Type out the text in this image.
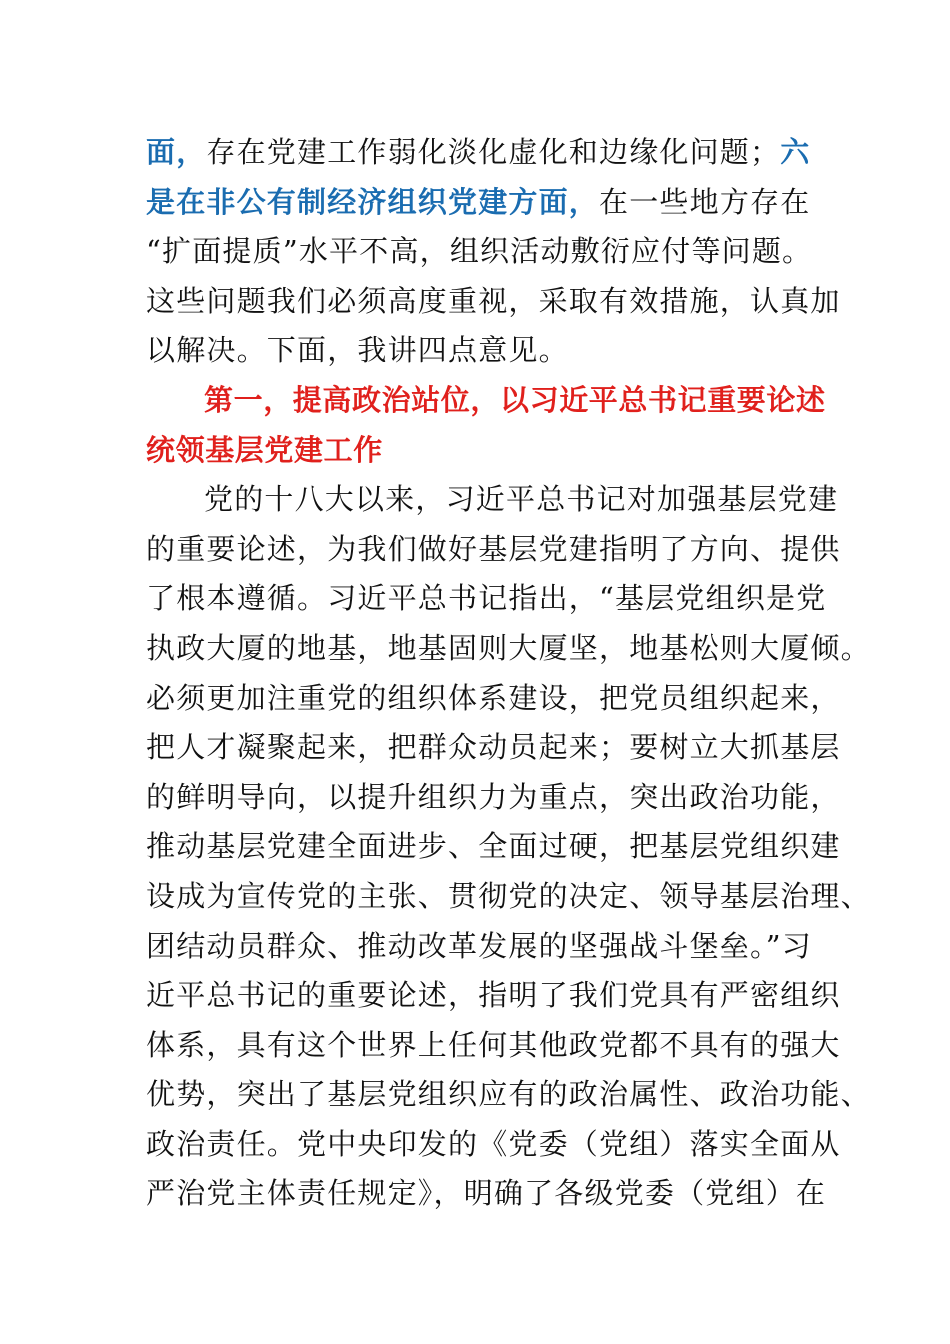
面，存在党建工作弱化淡化虚化和边缘化问题；六
是在非公有制经济组织党建方面，在一些地方存在
“扩面提质”水平不高，组织活动敷衍应付等问题。
这些问题我们必须高度重视，采取有效措施，认真加
以解决。下面，我讲四点意见。
第一，提高政治站位，以习近平总书记重要论述
统领基层党建工作
党的十八大以来，习近平总书记对加强基层党建
的重要论述，为我们做好基层党建指明了方向、提供
了根本遵循。习近平总书记指出，“基层党组织是党
执政大厦的地基，地基固则大厦坚，地基松则大厦倾。
必须更加注重党的组织体系建设，把党员组织起来，
把人才凝聚起来，把群众动员起来；要树立大抓基层
的鲜明导向，以提升组织力为重点，突出政治功能，
推动基层党建全面进步、全面过硬，把基层党组织建
设成为宣传党的主张、贯彻党的决定、领导基层治理、
团结动员群众、推动改革发展的坚强战斗堡垒。”习
近平总书记的重要论述，指明了我们党具有严密组织
体系，具有这个世界上任何其他政党都不具有的强大
优势，突出了基层党组织应有的政治属性、政治功能、
政治责任。党中央印发的《党委（党组）落实全面从
严治党主体责任规定》，明确了各级党委（党组）在
